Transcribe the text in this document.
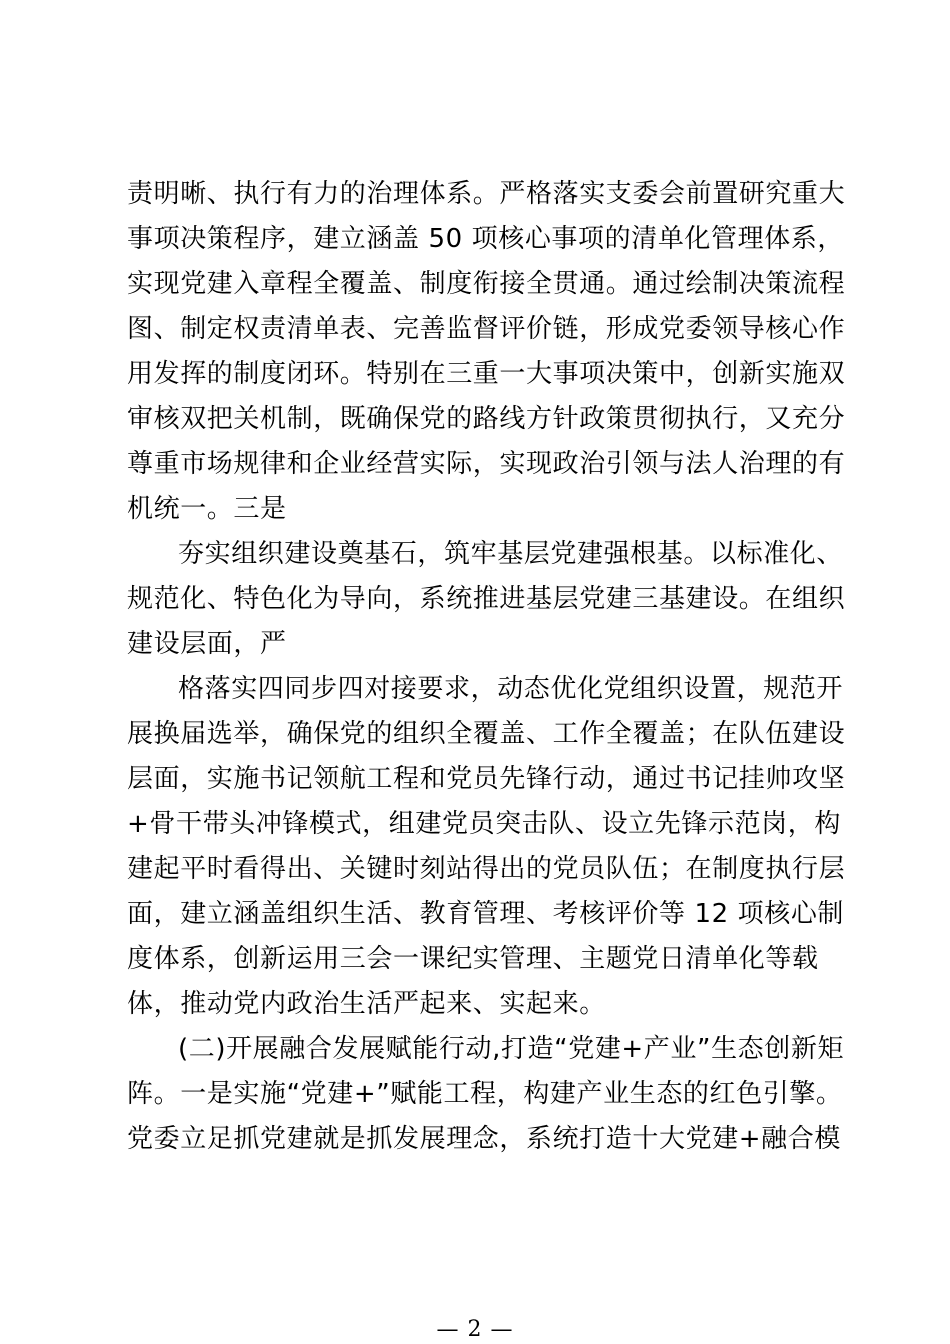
责明晰、执行有力的治理体系。严格落实支委会前置研究重大
事项决策程序，建立涵盖 50 项核心事项的清单化管理体系，
实现党建入章程全覆盖、制度衔接全贯通。通过绘制决策流程
图、制定权责清单表、完善监督评价链，形成党委领导核心作
用发挥的制度闭环。特别在三重一大事项决策中，创新实施双
审核双把关机制，既确保党的路线方针政策贯彻执行，又充分
尊重市场规律和企业经营实际，实现政治引领与法人治理的有
机统一。三是
夯实组织建设奠基石，筑牢基层党建强根基。以标准化、
规范化、特色化为导向，系统推进基层党建三基建设。在组织
建设层面，严
格落实四同步四对接要求，动态优化党组织设置，规范开
展换届选举，确保党的组织全覆盖、工作全覆盖；在队伍建设
层面，实施书记领航工程和党员先锋行动，通过书记挂帅攻坚
+骨干带头冲锋模式，组建党员突击队、设立先锋示范岗，构
建起平时看得出、关键时刻站得出的党员队伍；在制度执行层
面，建立涵盖组织生活、教育管理、考核评价等 12 项核心制
度体系，创新运用三会一课纪实管理、主题党日清单化等载
体，推动党内政治生活严起来、实起来。
(二)开展融合发展赋能行动,打造“党建+产业”生态创新矩
阵。一是实施“党建+”赋能工程，构建产业生态的红色引擎。
党委立足抓党建就是抓发展理念，系统打造十大党建+融合模
— 2 —
